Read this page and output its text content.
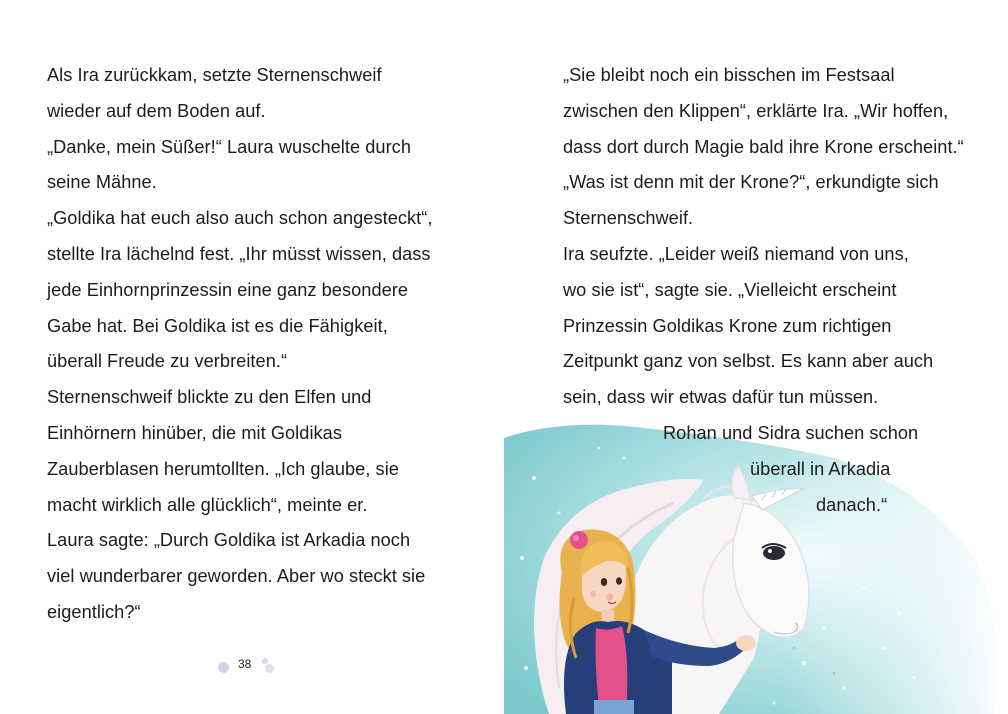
Als Ira zurückkam, setzte Sternenschweif
wieder auf dem Boden auf.
„Danke, mein Süßer!“ Laura wuschelte durch
seine Mähne.
„Goldika hat euch also auch schon angesteckt“,
stellte Ira lächelnd fest. „Ihr müsst wissen, dass
jede Einhornprinzessin eine ganz besondere
Gabe hat. Bei Goldika ist es die Fähigkeit,
überall Freude zu verbreiten.“
Sternenschweif blickte zu den Elfen und
Einhörnern hinüber, die mit Goldikas
Zauberblasen herumtollten. „Ich glaube, sie
macht wirklich alle glücklich“, meinte er.
Laura sagte: „Durch Goldika ist Arkadia noch
viel wunderbarer geworden. Aber wo steckt sie
eigentlich?“
38
„Sie bleibt noch ein bisschen im Festsaal
zwischen den Klippen“, erklärte Ira. „Wir hoffen,
dass dort durch Magie bald ihre Krone erscheint.“
„Was ist denn mit der Krone?“, erkundigte sich
Sternenschweif.
Ira seufzte. „Leider weiß niemand von uns,
wo sie ist“, sagte sie. „Vielleicht erscheint
Prinzessin Goldikas Krone zum richtigen
Zeitpunkt ganz von selbst. Es kann aber auch
sein, dass wir etwas dafür tun müssen.
Rohan und Sidra suchen schon
überall in Arkadia
danach.“
